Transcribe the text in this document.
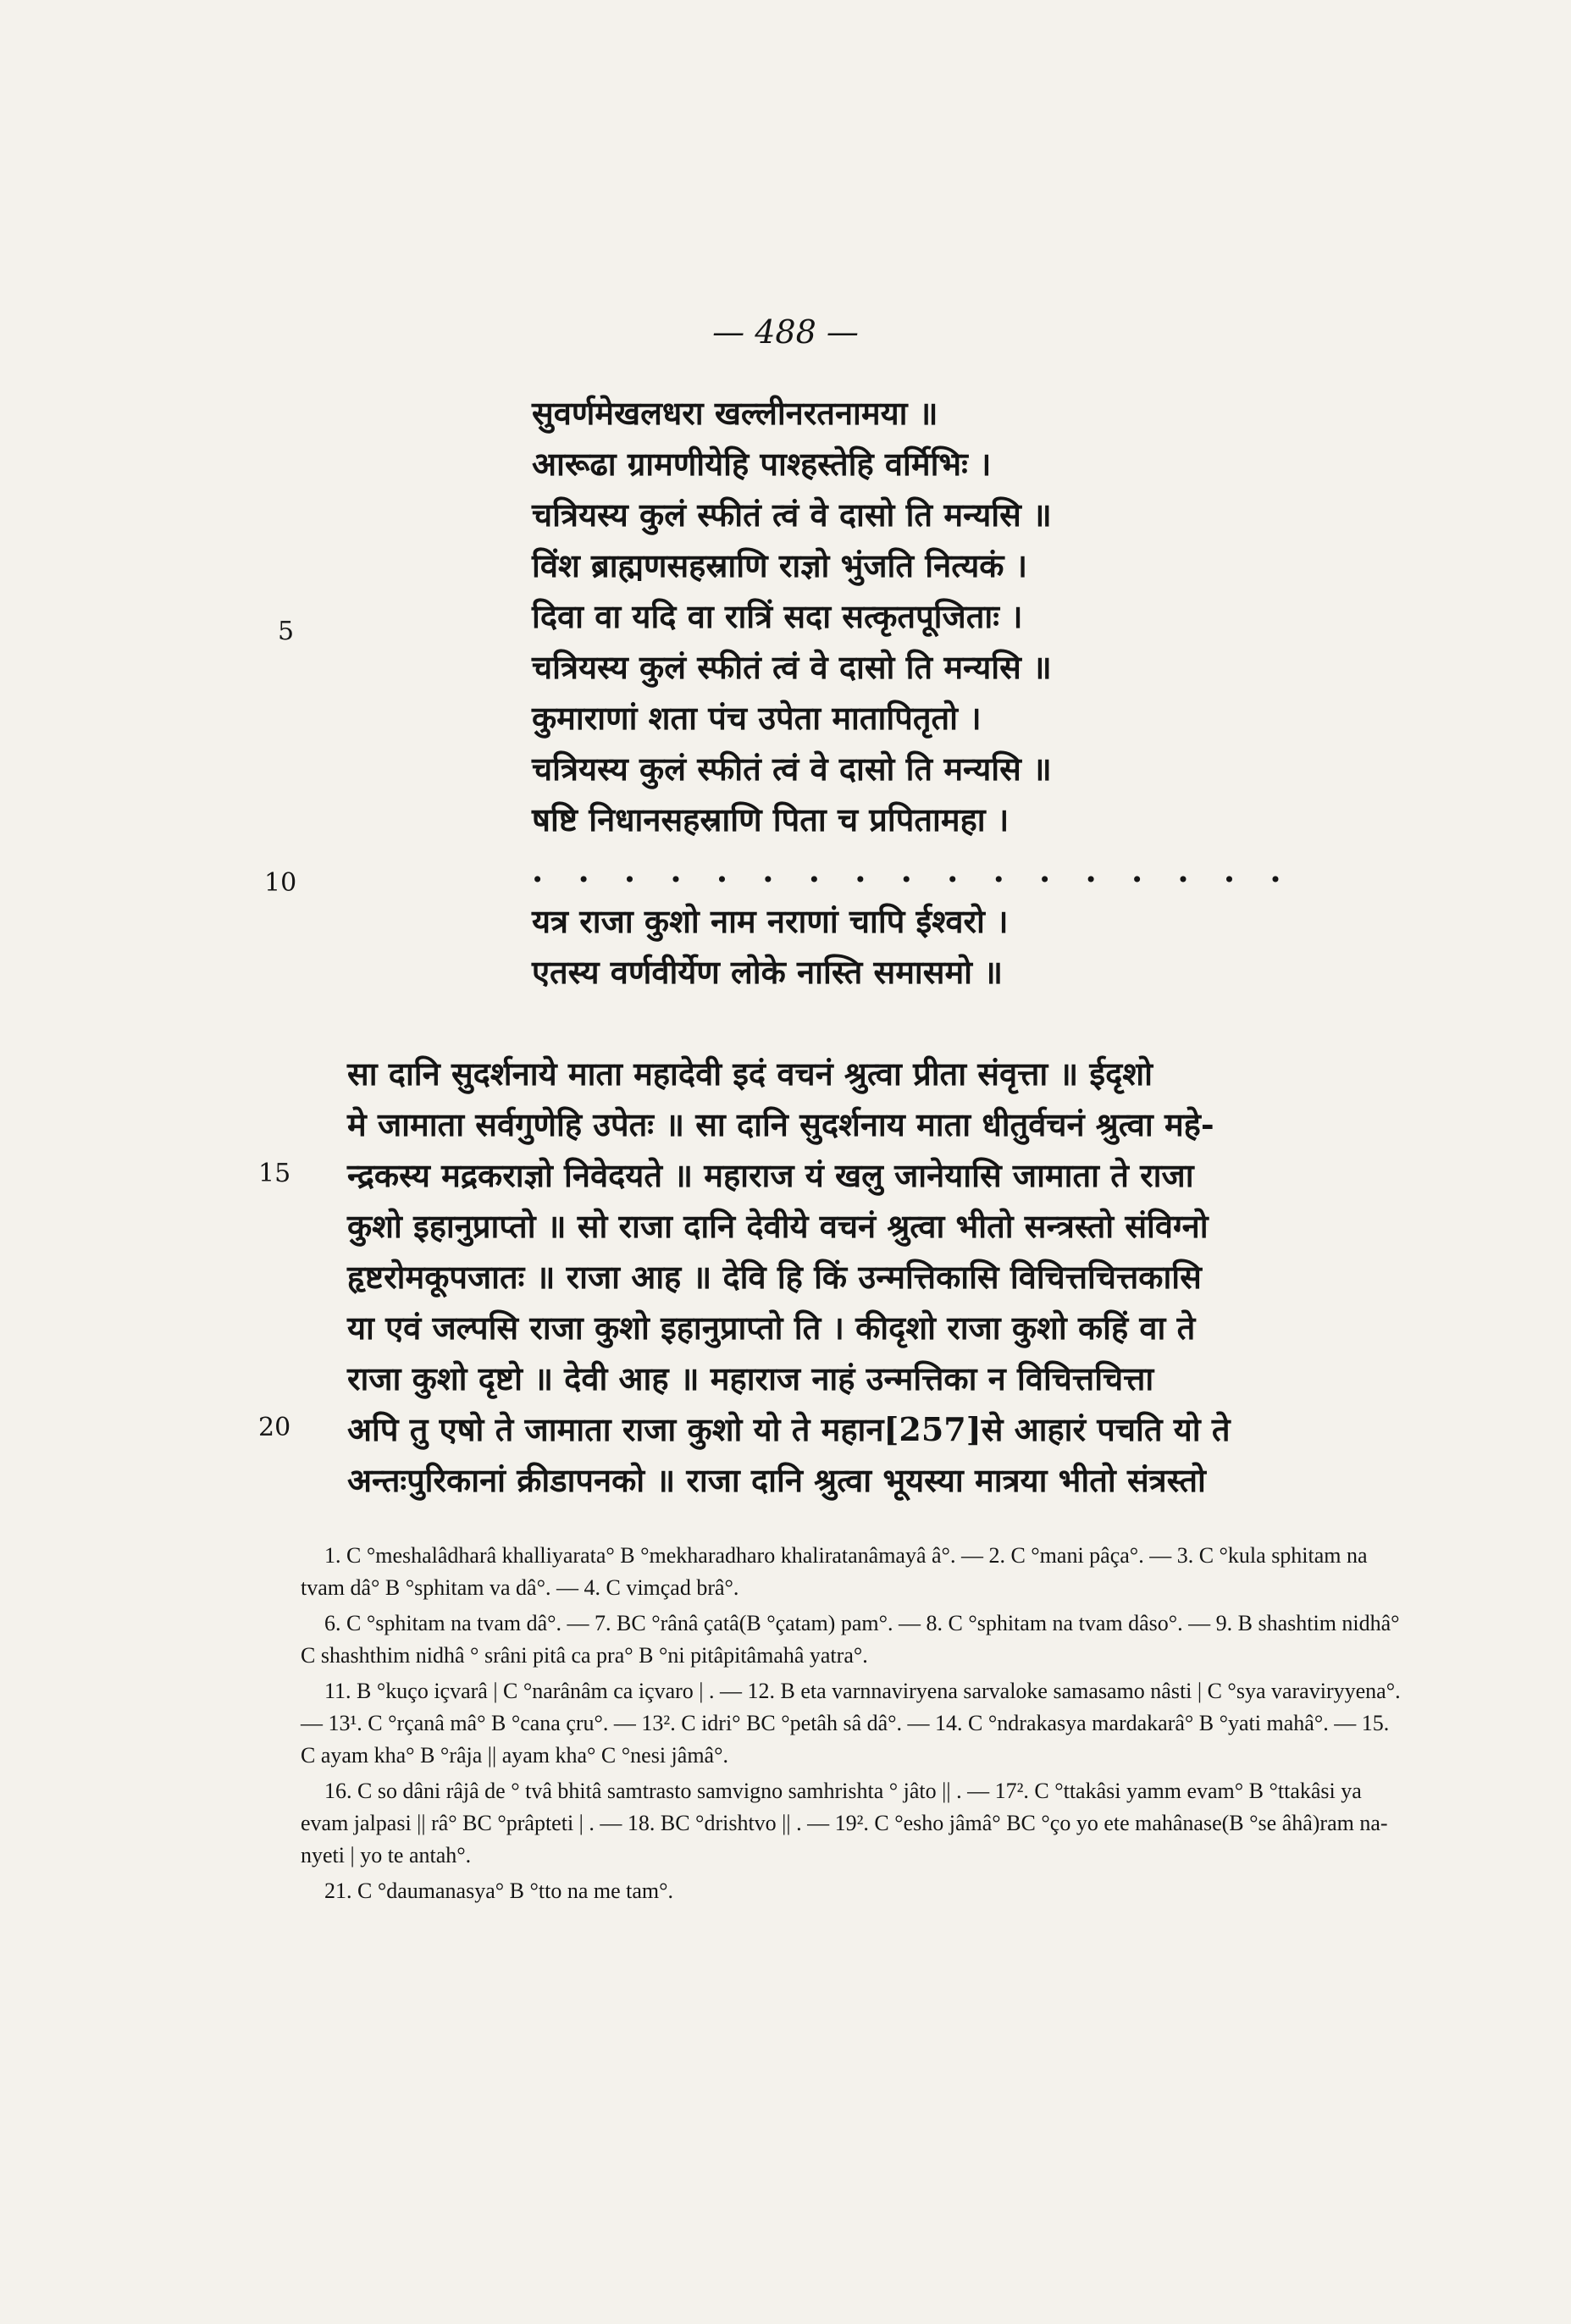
— 488 —
5
10
15
20
सुवर्णमेखलधरा खल्लीनरतनामया ॥
आरूढा ग्रामणीयेहि पाश्हस्तेहि वर्मिभिः ।
चत्रियस्य कुलं स्फीतं त्वं वे दासो ति मन्यसि ॥
विंश ब्राह्मणसहस्राणि राज्ञो भुंजति नित्यकं ।
दिवा वा यदि वा रात्रिं सदा सत्कृतपूजिताः ।
चत्रियस्य कुलं स्फीतं त्वं वे दासो ति मन्यसि ॥
कुमाराणां शता पंच उपेता मातापितृतो ।
चत्रियस्य कुलं स्फीतं त्वं वे दासो ति मन्यसि ॥
षष्टि निधानसहस्राणि पिता च प्रपितामहा ।
. . . . . . . . . . . . . . . . .
यत्र राजा कुशो नाम नराणां चापि ईश्वरो ।
एतस्य वर्णवीर्येण लोके नास्ति समासमो ॥
सा दानि सुदर्शनाये माता महादेवी इदं वचनं श्रुत्वा प्रीता संवृत्ता ॥ ईदृशो
मे जामाता सर्वगुणेहि उपेतः ॥ सा दानि सुदर्शनाय माता धीतुर्वचनं श्रुत्वा महे-
न्द्रकस्य मद्रकराज्ञो निवेदयते ॥ महाराज यं खलु जानेयासि जामाता ते राजा
कुशो इहानुप्राप्तो ॥ सो राजा दानि देवीये वचनं श्रुत्वा भीतो सन्त्रस्तो संविग्नो
हृष्टरोमकूपजातः ॥ राजा आह ॥ देवि हि किं उन्मत्तिकासि विचित्तचित्तकासि
या एवं जल्पसि राजा कुशो इहानुप्राप्तो ति । कीदृशो राजा कुशो कहिं वा ते
राजा कुशो दृष्टो ॥ देवी आह ॥ महाराज नाहं उन्मत्तिका न विचित्तचित्ता
अपि तु एषो ते जामाता राजा कुशो यो ते महान[257]से आहारं पचति यो ते
अन्तःपुरिकानां क्रीडापनको ॥ राजा दानि श्रुत्वा भूयस्या मात्रया भीतो संत्रस्तो

1. C °meshalâdharâ khalliyarata° B °mekharadharo khaliratanâmayâ â°. — 2. C °mani pâça°. — 3. C °kula sphitam na tvam dâ° B °sphitam va dâ°. — 4. C vimçad brâ°.

6. C °sphitam na tvam dâ°. — 7. BC °rânâ çatâ(B °çatam) pam°. — 8. C °sphitam na tvam dâso°. — 9. B shashtim nidhâ° C shashthim nidhâ ° srâni pitâ ca pra° B °ni pitâpitâmahâ yatra°.

11. B °kuço içvarâ | C °narânâm ca içvaro | . — 12. B eta varnnaviryena sarvaloke samasamo nâsti | C °sya varaviryyena°. — 13¹. C °rçanâ mâ° B °cana çru°. — 13². C idri° BC °petâh sâ dâ°. — 14. C °ndrakasya mardakarâ° B °yati mahâ°. — 15. C ayam kha° B °râja || ayam kha° C °nesi jâmâ°.

16. C so dâni râjâ de ° tvâ bhitâ samtrasto samvigno samhrishta ° jâto || . — 17². C °ttakâsi yamm evam° B °ttakâsi ya evam jalpasi || râ° BC °prâpteti | . — 18. BC °drishtvo || . — 19². C °esho jâmâ° BC °ço yo ete mahânase(B °se âhâ)ram na-nyeti | yo te antah°.

21. C °daumanasya° B °tto na me tam°.
